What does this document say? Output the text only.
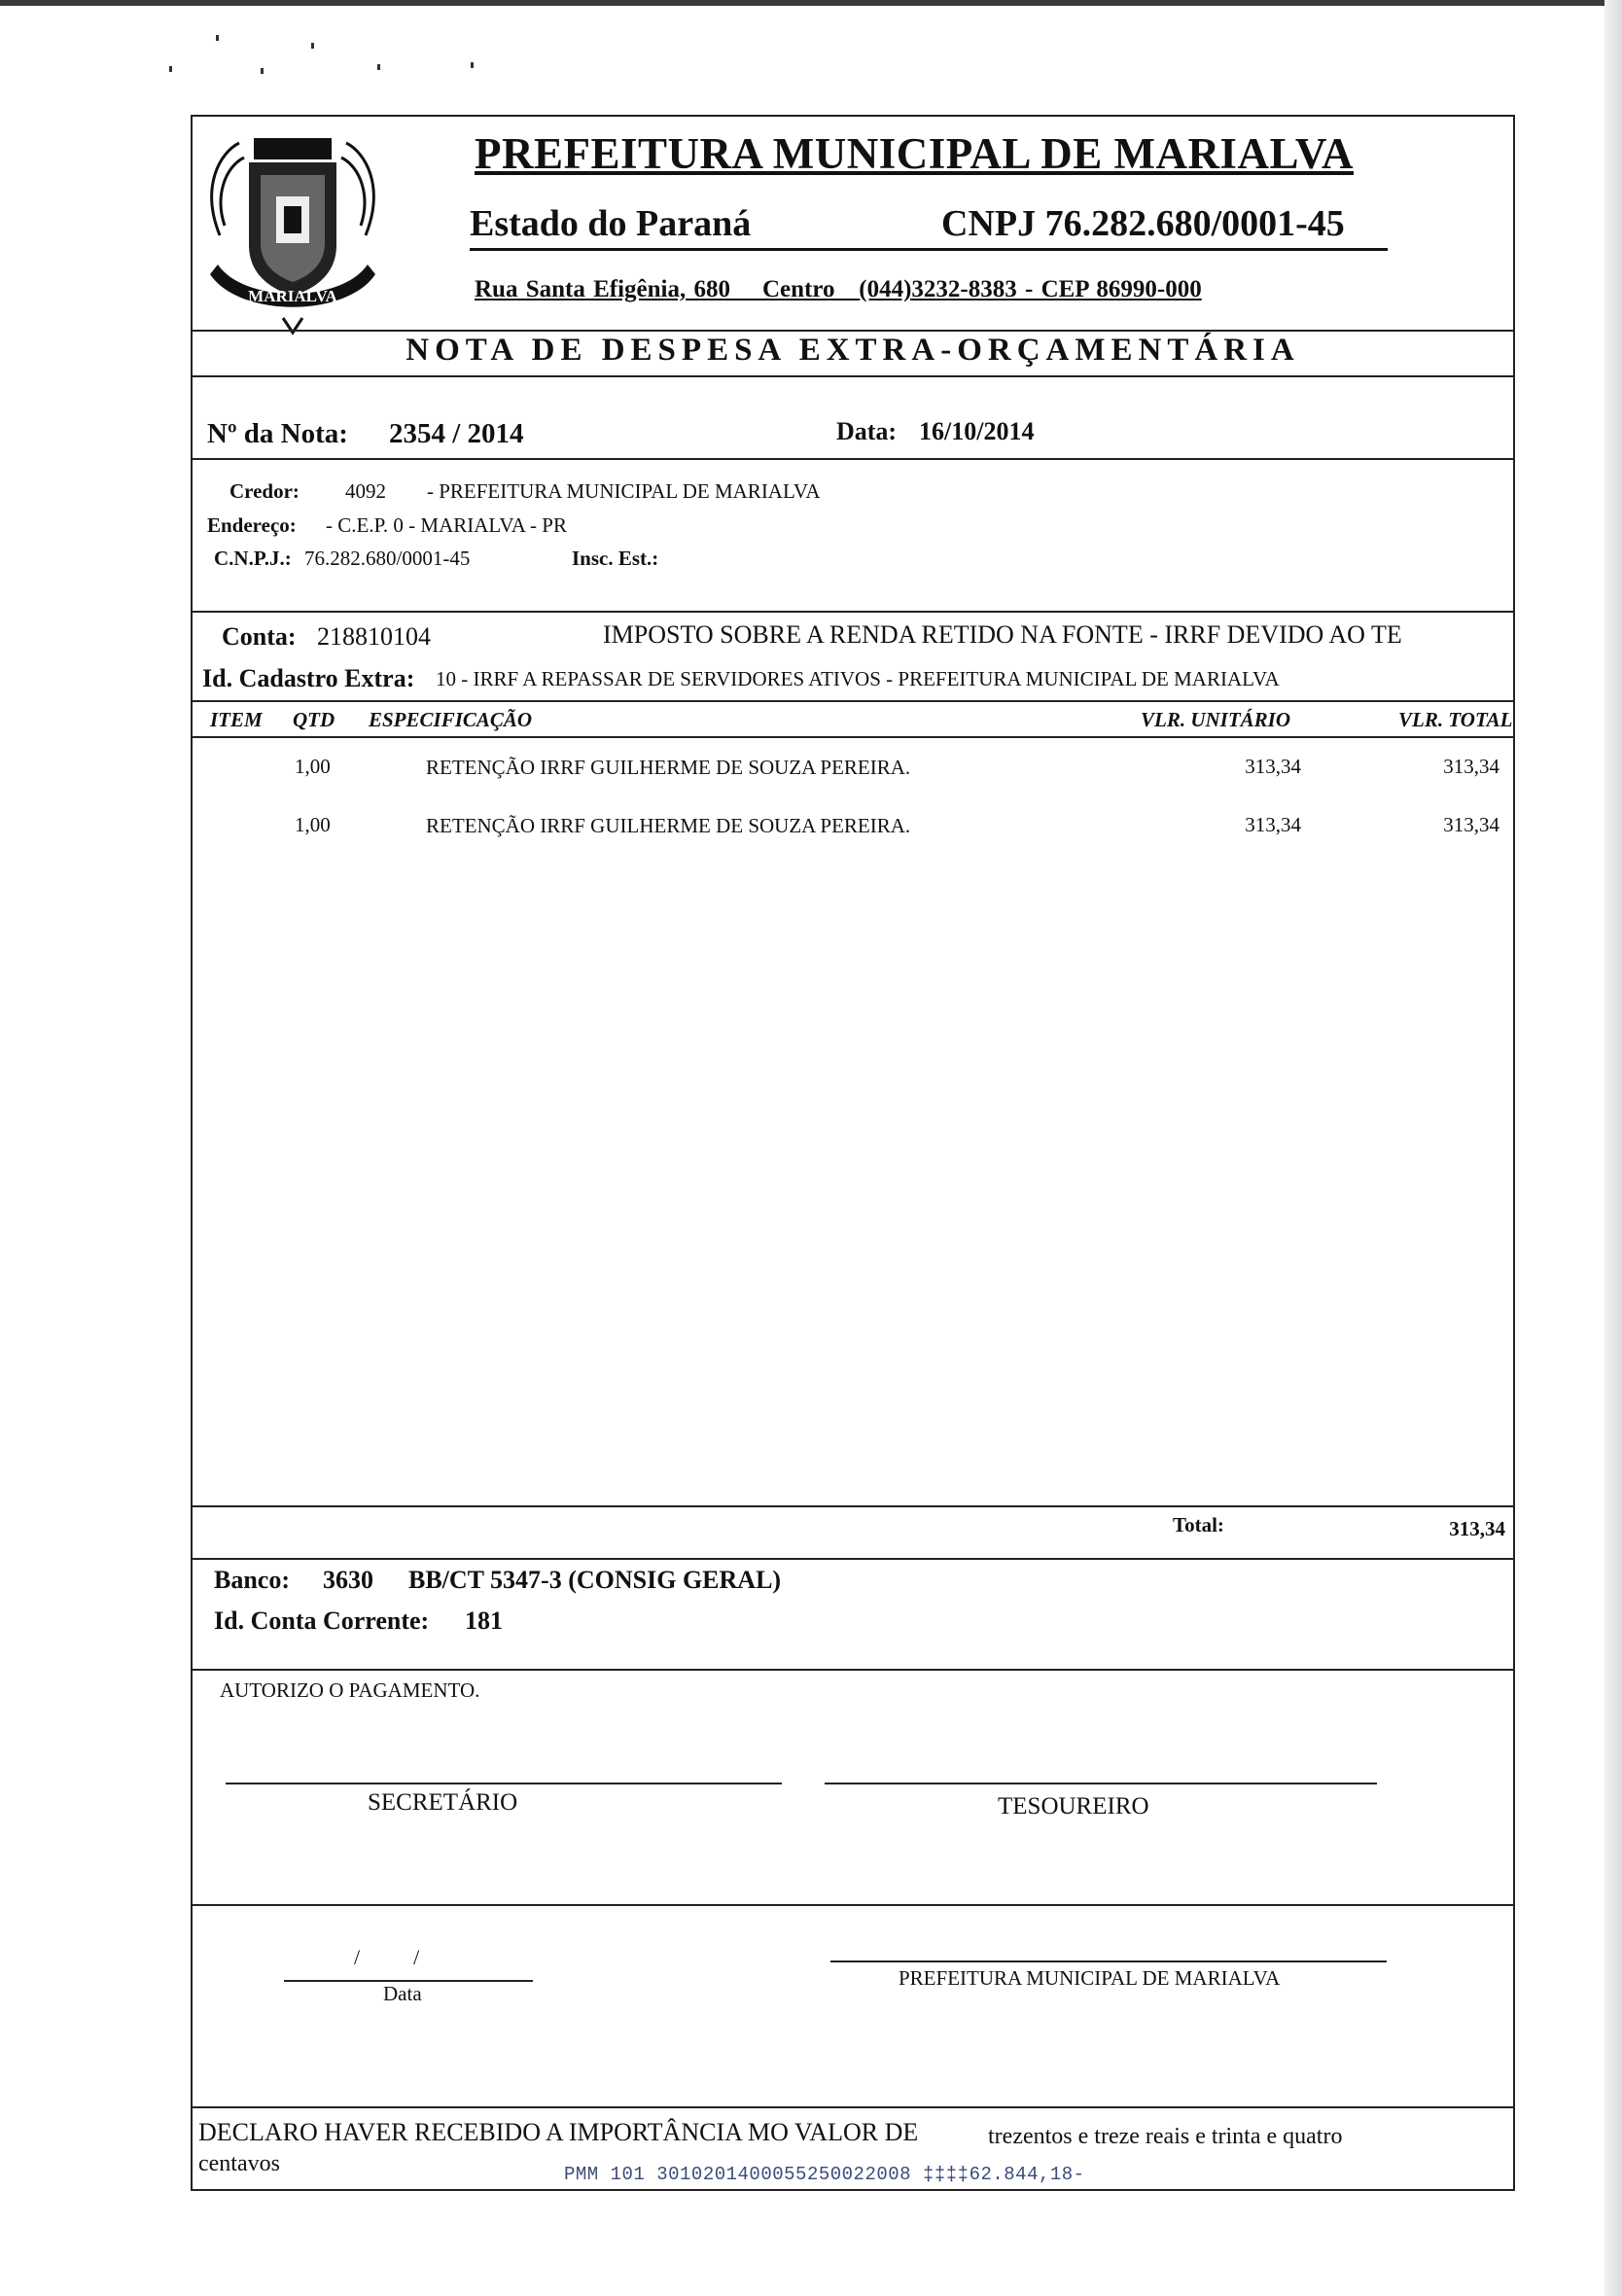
MARIALVA
PREFEITURA MUNICIPAL DE MARIALVA
Estado do Paraná	CNPJ 76.282.680/0001-45
Rua Santa Efigênia, 680 Centro (044)3232-8383 - CEP 86990-000
NOTA DE DESPESA EXTRA-ORÇAMENTÁRIA
Nº da Nota: 2354 / 2014	Data: 16/10/2014
Credor: 4092 - PREFEITURA MUNICIPAL DE MARIALVA
Endereço: - C.E.P. 0 - MARIALVA - PR
C.N.P.J.: 76.282.680/0001-45	Insc. Est.:
Conta: 218810104	IMPOSTO SOBRE A RENDA RETIDO NA FONTE - IRRF DEVIDO AO TE
Id. Cadastro Extra: 10 - IRRF A REPASSAR DE SERVIDORES ATIVOS - PREFEITURA MUNICIPAL DE MARIALVA
ITEM QTD ESPECIFICAÇÃO	VLR. UNITÁRIO	VLR. TOTAL
1,00	RETENÇÃO IRRF GUILHERME DE SOUZA PEREIRA.	313,34	313,34
1,00	RETENÇÃO IRRF GUILHERME DE SOUZA PEREIRA.	313,34	313,34
Total:	313,34
Banco: 3630 BB/CT 5347-3 (CONSIG GERAL)
Id. Conta Corrente: 181
AUTORIZO O PAGAMENTO.
SECRETÁRIO	TESOUREIRO
/          /
Data
PREFEITURA MUNICIPAL DE MARIALVA
DECLARO HAVER RECEBIDO A IMPORTÂNCIA MO VALOR DE	trezentos e treze reais e trinta e quatro
centavos	PMM 101 3010201400055250022008 ‡‡‡‡62.844,18-
